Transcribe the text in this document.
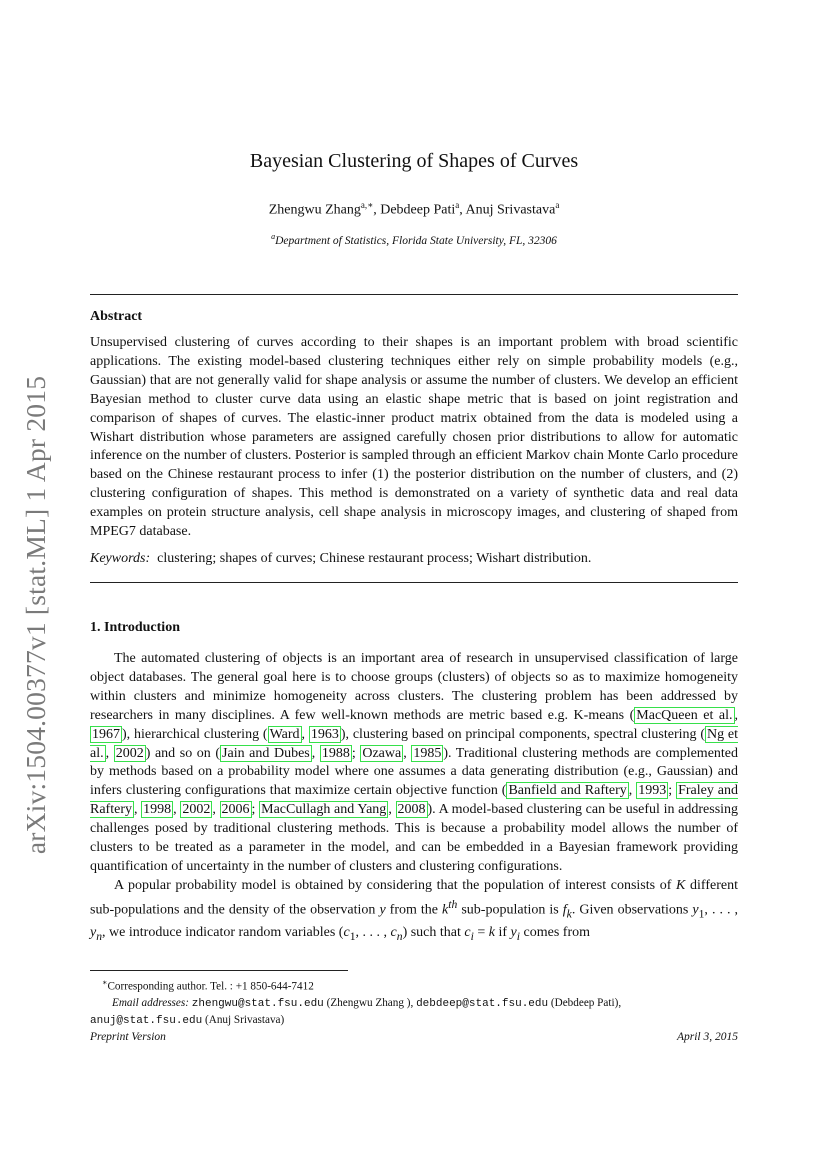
arXiv:1504.00377v1 [stat.ML] 1 Apr 2015
Bayesian Clustering of Shapes of Curves
Zhengwu Zhang$^{a,∗}$, Debdeep Pati$^a$, Anuj Srivastava$^a$
$^a$Department of Statistics, Florida State University, FL, 32306
Abstract

Unsupervised clustering of curves according to their shapes is an important problem with broad scientific applications. The existing model-based clustering techniques either rely on simple probability models (e.g., Gaussian) that are not generally valid for shape analysis or assume the number of clusters. We develop an efficient Bayesian method to cluster curve data using an elastic shape metric that is based on joint registration and comparison of shapes of curves. The elastic-inner product matrix obtained from the data is modeled using a Wishart distribution whose parameters are assigned carefully chosen prior distributions to allow for automatic inference on the number of clusters. Posterior is sampled through an efficient Markov chain Monte Carlo procedure based on the Chinese restaurant process to infer (1) the posterior distribution on the number of clusters, and (2) clustering configuration of shapes. This method is demonstrated on a variety of synthetic data and real data examples on protein structure analysis, cell shape analysis in microscopy images, and clustering of shaped from MPEG7 database.

Keywords: clustering; shapes of curves; Chinese restaurant process; Wishart distribution.
1. Introduction

The automated clustering of objects is an important area of research in unsupervised classification of large object databases. The general goal here is to choose groups (clusters) of objects so as to maximize homogeneity within clusters and minimize homogeneity across clusters. The clustering problem has been addressed by researchers in many disciplines. A few well-known methods are metric based e.g. K-means ( MacQueen et al. , 1967 ), hierarchical clustering ( Ward , 1963 ), clustering based on principal components, spectral clustering ( Ng et al. , 2002 ) and so on ( Jain and Dubes , 1988 ; Ozawa , 1985 ). Traditional clustering methods are complemented by methods based on a probability model where one assumes a data generating distribution (e.g., Gaussian) and infers clustering configurations that maximize certain objective function ( Banfield and Raftery , 1993 ; Fraley and Raftery , 1998 , 2002 , 2006 ; MacCullagh and Yang , 2008 ). A model-based clustering can be useful in addressing challenges posed by traditional clustering methods. This is because a probability model allows the number of clusters to be treated as a parameter in the model, and can be embedded in a Bayesian framework providing quantification of uncertainty in the number of clusters and clustering configurations.

A popular probability model is obtained by considering that the population of interest consists of K different sub-populations and the density of the observation y from the $k^{th}$ sub-population is $f_k$. Given observations $y_1$, . . . , $y_n$, we introduce indicator random variables ($c_1$, . . . , $c_n$) such that $c_i = k$ if $y_i$ comes from

∗Corresponding author. Tel. : +1 850-644-7412
Email addresses: zhengwu@stat.fsu.edu (Zhengwu Zhang ), debdeep@stat.fsu.edu (Debdeep Pati),
anuj@stat.fsu.edu (Anuj Srivastava)
Preprint Version	April 3, 2015
